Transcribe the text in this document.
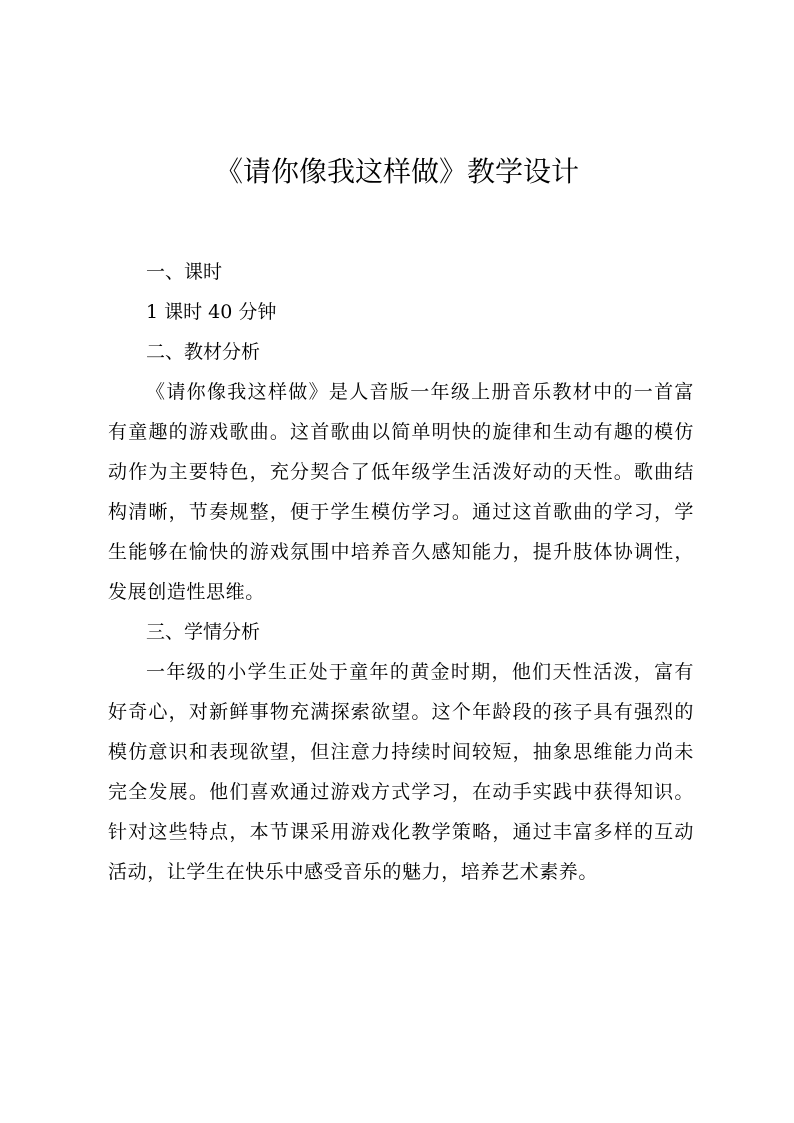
《请你像我这样做》教学设计
一、课时

1 课时 40 分钟

二、教材分析

《请你像我这样做》是人音版一年级上册音乐教材中的一首富有童趣的游戏歌曲。这首歌曲以简单明快的旋律和生动有趣的模仿动作为主要特色，充分契合了低年级学生活泼好动的天性。歌曲结构清晰，节奏规整，便于学生模仿学习。通过这首歌曲的学习，学生能够在愉快的游戏氛围中培养音久感知能力，提升肢体协调性，发展创造性思维。

三、学情分析

一年级的小学生正处于童年的黄金时期，他们天性活泼，富有好奇心，对新鲜事物充满探索欲望。这个年龄段的孩子具有强烈的模仿意识和表现欲望，但注意力持续时间较短，抽象思维能力尚未完全发展。他们喜欢通过游戏方式学习，在动手实践中获得知识。针对这些特点，本节课采用游戏化教学策略，通过丰富多样的互动活动，让学生在快乐中感受音乐的魅力，培养艺术素养。
